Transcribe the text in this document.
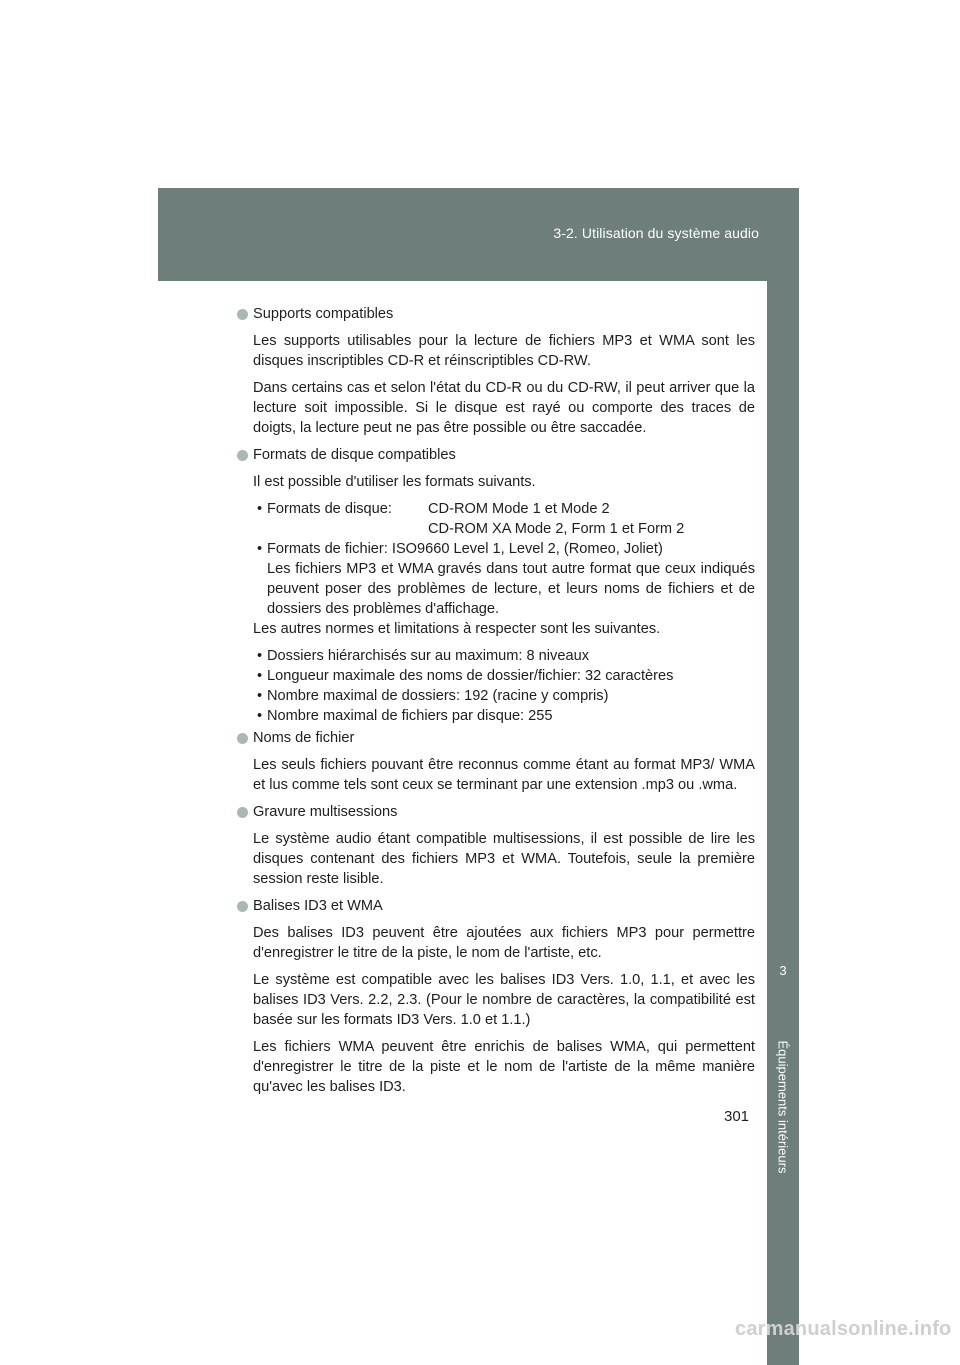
3-2. Utilisation du système audio
3
Équipements intérieurs
Supports compatibles
Les supports utilisables pour la lecture de fichiers MP3 et WMA sont les disques inscriptibles CD-R et réinscriptibles CD-RW.
Dans certains cas et selon l'état du CD-R ou du CD-RW, il peut arriver que la lecture soit impossible. Si le disque est rayé ou comporte des traces de doigts, la lecture peut ne pas être possible ou être saccadée.
Formats de disque compatibles
Il est possible d'utiliser les formats suivants.
• Formats de disque:	CD-ROM Mode 1 et Mode 2
CD-ROM XA Mode 2, Form 1 et Form 2
• Formats de fichier: ISO9660 Level 1, Level 2, (Romeo, Joliet)
Les fichiers MP3 et WMA gravés dans tout autre format que ceux indiqués peuvent poser des problèmes de lecture, et leurs noms de fichiers et de dossiers des problèmes d'affichage.
Les autres normes et limitations à respecter sont les suivantes.
• Dossiers hiérarchisés sur au maximum: 8 niveaux
• Longueur maximale des noms de dossier/fichier: 32 caractères
• Nombre maximal de dossiers: 192 (racine y compris)
• Nombre maximal de fichiers par disque: 255
Noms de fichier
Les seuls fichiers pouvant être reconnus comme étant au format MP3/ WMA et lus comme tels sont ceux se terminant par une extension .mp3 ou .wma.
Gravure multisessions
Le système audio étant compatible multisessions, il est possible de lire les disques contenant des fichiers MP3 et WMA. Toutefois, seule la première session reste lisible.
Balises ID3 et WMA
Des balises ID3 peuvent être ajoutées aux fichiers MP3 pour permettre d'enregistrer le titre de la piste, le nom de l'artiste, etc.
Le système est compatible avec les balises ID3 Vers. 1.0, 1.1, et avec les balises ID3 Vers. 2.2, 2.3. (Pour le nombre de caractères, la compatibilité est basée sur les formats ID3 Vers. 1.0 et 1.1.)
Les fichiers WMA peuvent être enrichis de balises WMA, qui permettent d'enregistrer le titre de la piste et le nom de l'artiste de la même manière qu'avec les balises ID3.
301
carmanualsonline.info
